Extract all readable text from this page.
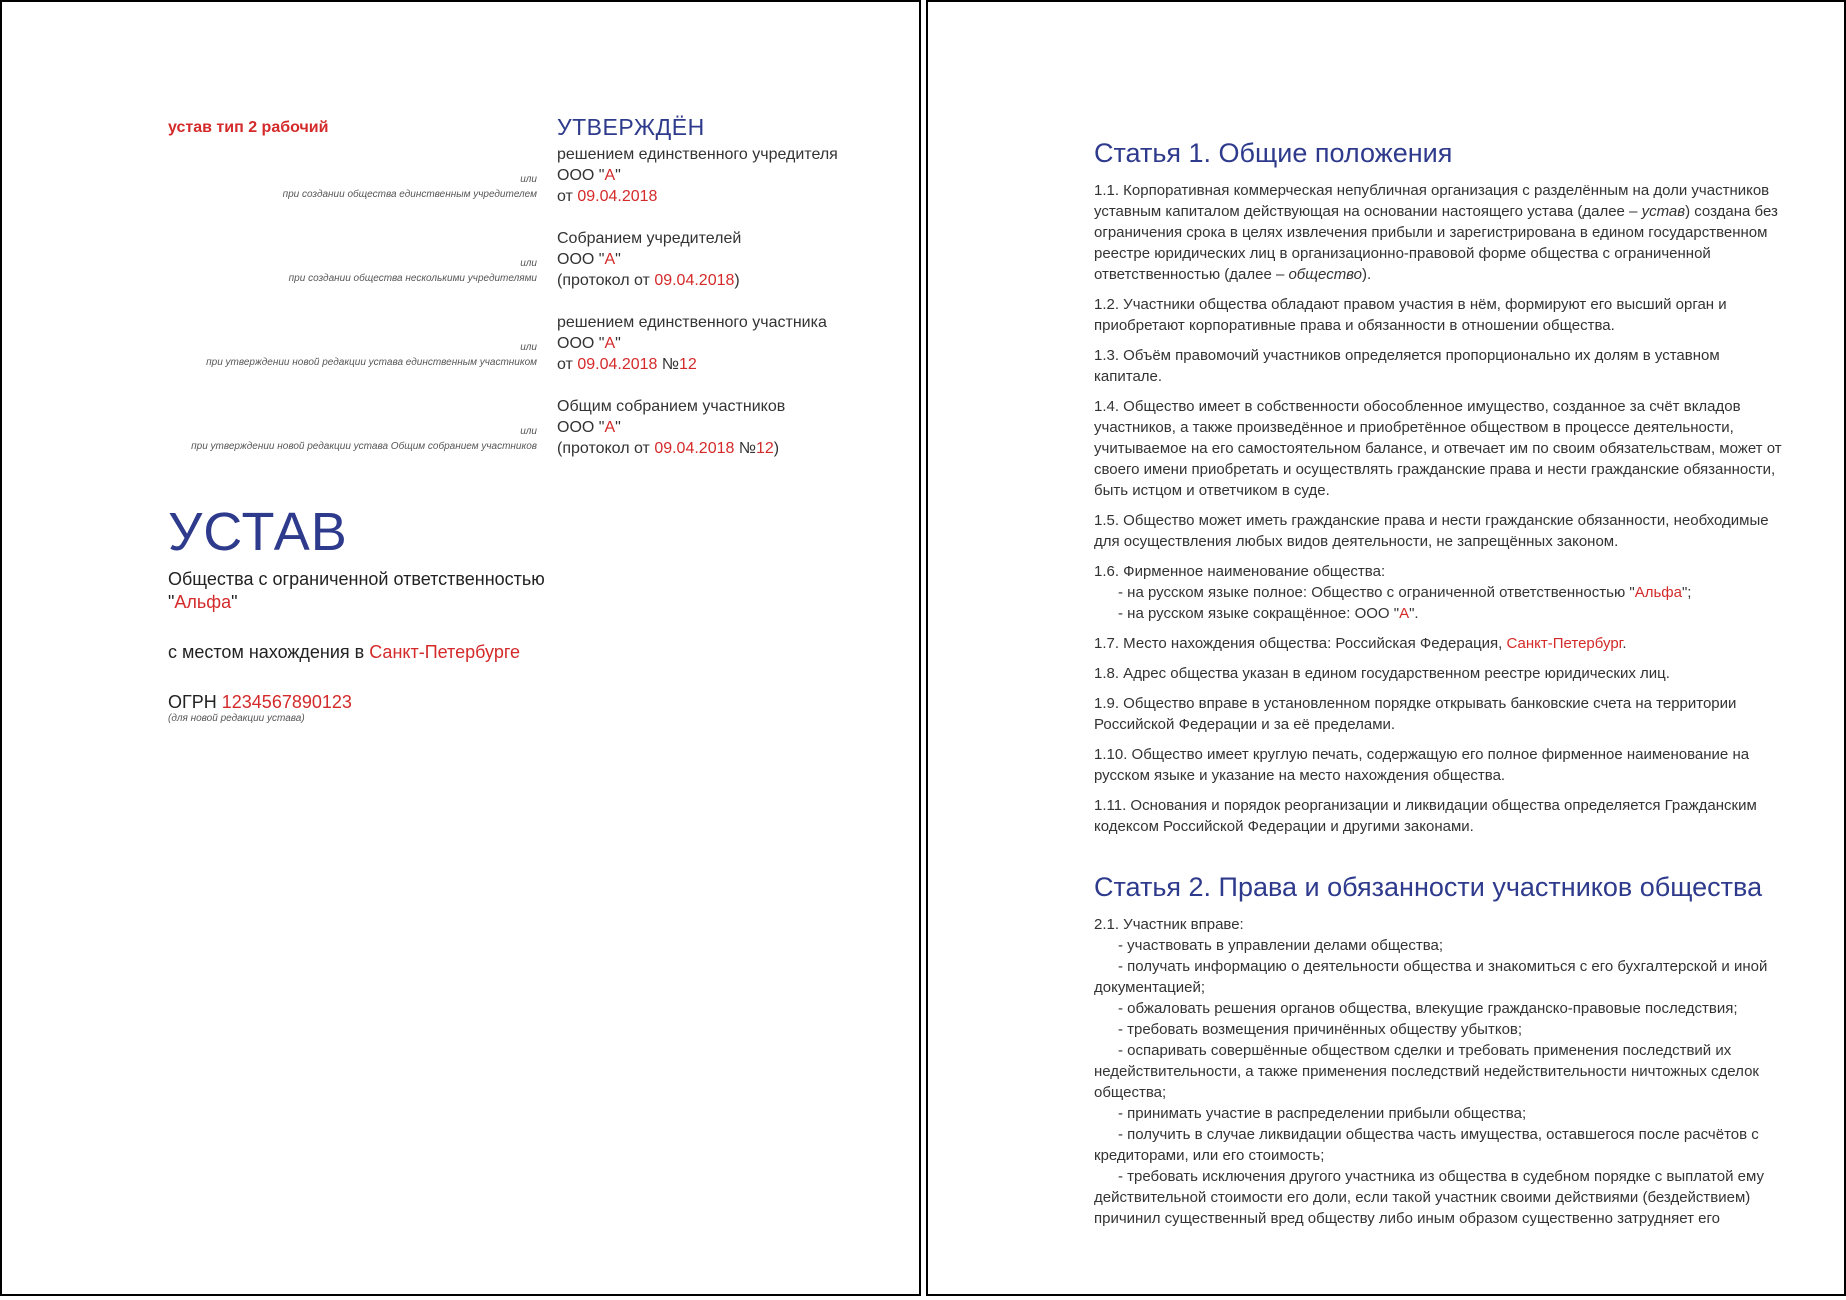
устав тип 2 рабочий	УТВЕРЖДЁН
решением единственного учредителя
ООО "А"
от 09.04.2018
или
при создании общества единственным учредителем
Собранием учредителей
ООО "А"
(протокол от 09.04.2018)
или
при создании общества несколькими учредителями
решением единственного участника
ООО "А"
от 09.04.2018 №12
или
при утверждении новой редакции устава единственным участником
Общим собранием участников
ООО "А"
(протокол от 09.04.2018 №12)
или
при утверждении новой редакции устава Общим собранием участников
УСТАВ
Общества с ограниченной ответственностью
"Альфа"
с местом нахождения в Санкт-Петербурге
ОГРН 1234567890123
(для новой редакции устава)
Статья 1. Общие положения

1.1. Корпоративная коммерческая непубличная организация с разделённым на доли участников уставным капиталом действующая на основании настоящего устава (далее – устав) создана без ограничения срока в целях извлечения прибыли и зарегистрирована в едином государственном реестре юридических лиц в организационно-правовой форме общества с ограниченной ответственностью (далее – общество).

1.2. Участники общества обладают правом участия в нём, формируют его высший орган и приобретают корпоративные права и обязанности в отношении общества.

1.3. Объём правомочий участников определяется пропорционально их долям в уставном капитале.

1.4. Общество имеет в собственности обособленное имущество, созданное за счёт вкладов участников, а также произведённое и приобретённое обществом в процессе деятельности, учитываемое на его самостоятельном балансе, и отвечает им по своим обязательствам, может от своего имени приобретать и осуществлять гражданские права и нести гражданские обязанности, быть истцом и ответчиком в суде.

1.5. Общество может иметь гражданские права и нести гражданские обязанности, необходимые для осуществления любых видов деятельности, не запрещённых законом.

1.6. Фирменное наименование общества:
- на русском языке полное: Общество с ограниченной ответственностью "Альфа";
- на русском языке сокращённое: ООО "А".

1.7. Место нахождения общества: Российская Федерация, Санкт-Петербург.

1.8. Адрес общества указан в едином государственном реестре юридических лиц.

1.9. Общество вправе в установленном порядке открывать банковские счета на территории Российской Федерации и за её пределами.

1.10. Общество имеет круглую печать, содержащую его полное фирменное наименование на русском языке и указание на место нахождения общества.

1.11. Основания и порядок реорганизации и ликвидации общества определяется Гражданским кодексом Российской Федерации и другими законами.

Статья 2. Права и обязанности участников общества
2.1. Участник вправе:
- участвовать в управлении делами общества;
- получать информацию о деятельности общества и знакомиться с его бухгалтерской и иной документацией;
- обжаловать решения органов общества, влекущие гражданско-правовые последствия;
- требовать возмещения причинённых обществу убытков;
- оспаривать совершённые обществом сделки и требовать применения последствий их недействительности, а также применения последствий недействительности ничтожных сделок общества;
- принимать участие в распределении прибыли общества;
- получить в случае ликвидации общества часть имущества, оставшегося после расчётов с кредиторами, или его стоимость;
- требовать исключения другого участника из общества в судебном порядке с выплатой ему действительной стоимости его доли, если такой участник своими действиями (бездействием) причинил существенный вред обществу либо иным образом существенно затрудняет его
